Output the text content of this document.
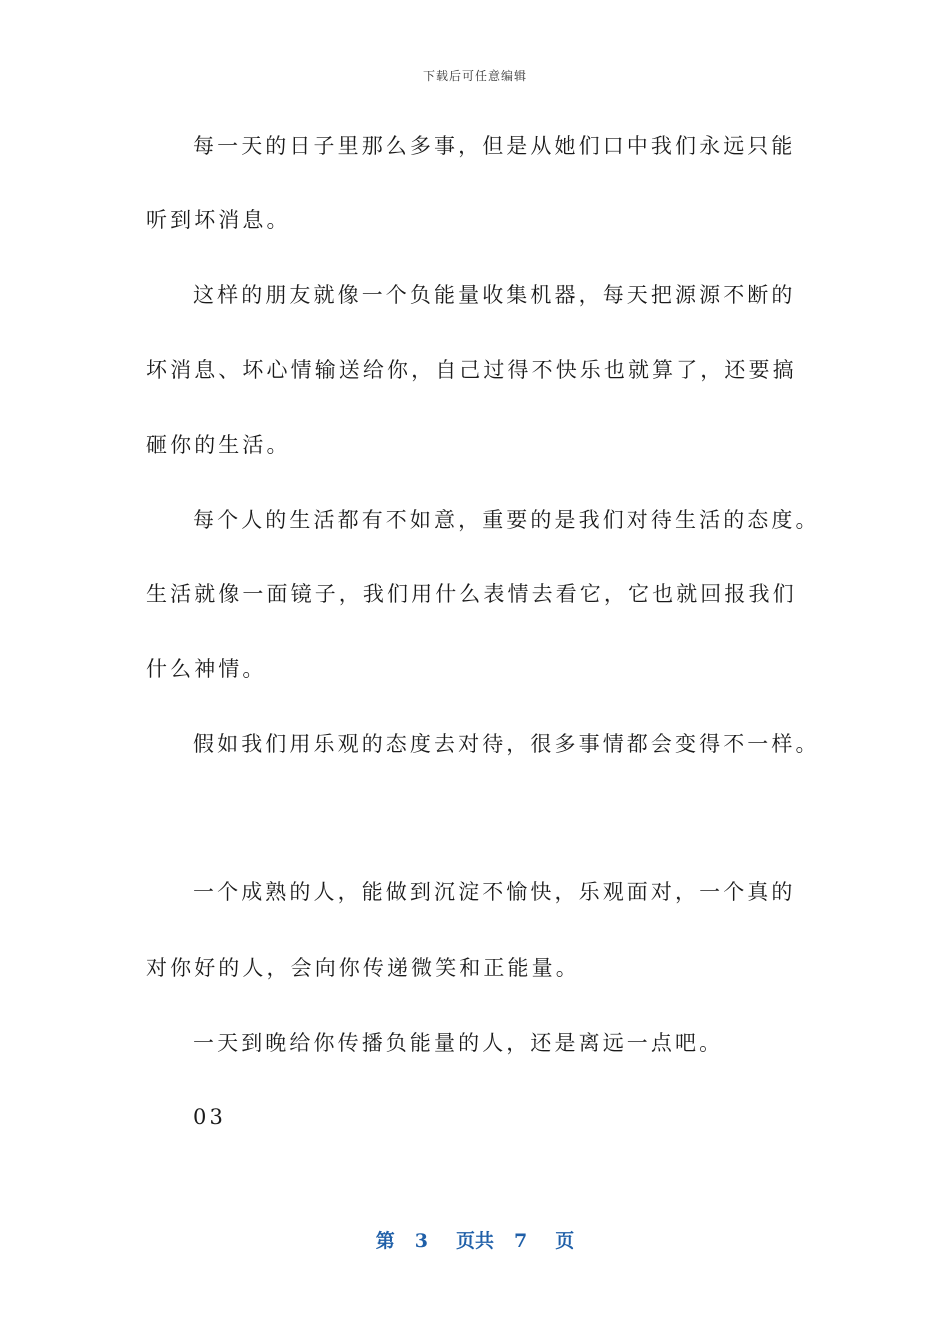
下载后可任意编辑
每一天的日子里那么多事，但是从她们口中我们永远只能
听到坏消息。
这样的朋友就像一个负能量收集机器，每天把源源不断的
坏消息、坏心情输送给你，自己过得不快乐也就算了，还要搞
砸你的生活。
每个人的生活都有不如意，重要的是我们对待生活的态度。
生活就像一面镜子，我们用什么表情去看它，它也就回报我们
什么神情。
假如我们用乐观的态度去对待，很多事情都会变得不一样。
一个成熟的人，能做到沉淀不愉快，乐观面对，一个真的
对你好的人，会向你传递微笑和正能量。
一天到晚给你传播负能量的人，还是离远一点吧。
03
第 3 页共 7 页
